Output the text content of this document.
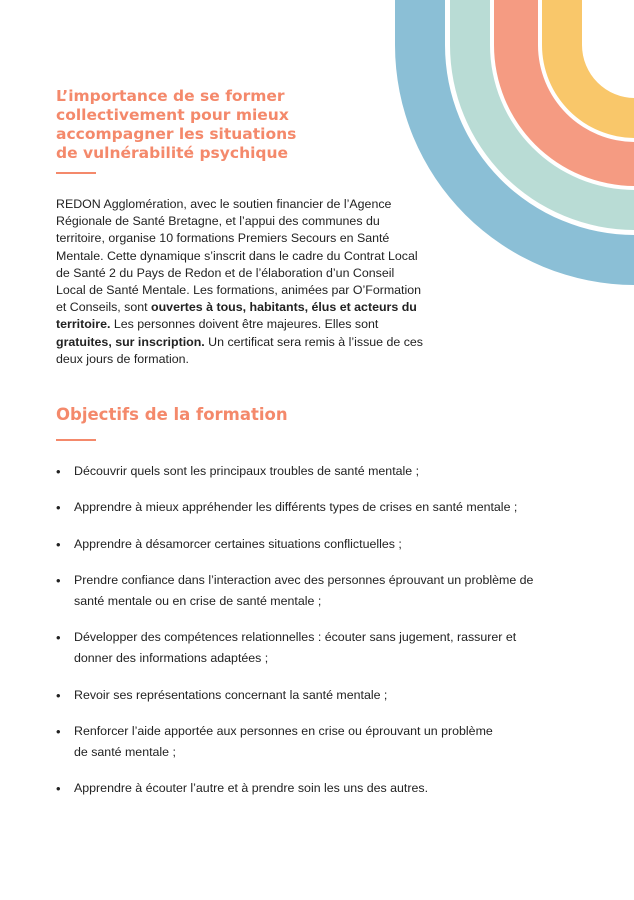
L’importance de se former
collectivement pour mieux
accompagner les situations
de vulnérabilité psychique

REDON Agglomération, avec le soutien financier de l’Agence Régionale de Santé Bretagne, et l’appui des communes du territoire, organise 10 formations Premiers Secours en Santé Mentale. Cette dynamique s’inscrit dans le cadre du Contrat Local de Santé 2 du Pays de Redon et de l’élaboration d’un Conseil Local de Santé Mentale. Les formations, animées par O’Formation et Conseils, sont ouvertes à tous, habitants, élus et acteurs du territoire. Les personnes doivent être majeures. Elles sont gratuites, sur inscription. Un certificat sera remis à l’issue de ces deux jours de formation.

Objectifs de la formation
•	Découvrir quels sont les principaux troubles de santé mentale ;
•	Apprendre à mieux appréhender les différents types de crises en santé mentale ;
•	Apprendre à désamorcer certaines situations conflictuelles ;
•	Prendre confiance dans l’interaction avec des personnes éprouvant un problème de santé mentale ou en crise de santé mentale ;
•	Développer des compétences relationnelles : écouter sans jugement, rassurer et donner des informations adaptées ;
•	Revoir ses représentations concernant la santé mentale ;
•	Renforcer l’aide apportée aux personnes en crise ou éprouvant un problème de santé mentale ;
•	Apprendre à écouter l’autre et à prendre soin les uns des autres.
